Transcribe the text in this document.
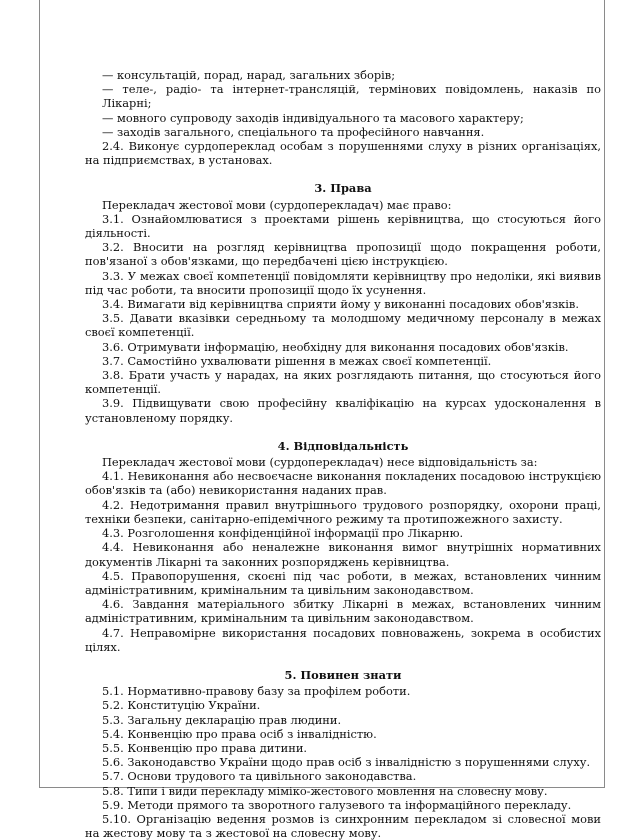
— консультацій, порад, нарад, загальних зборів;

— теле-, радіо- та інтернет-трансляцій, термінових повідомлень, наказів по Лікарні;

— мовного супроводу заходів індивідуального та масового характеру;

— заходів загального, спеціального та професійного навчання.

2.4. Виконує сурдопереклад особам з порушеннями слуху в різних організаціях, на підприємствах, в установах.

3. Права

Перекладач жестової мови (сурдоперекладач) має право:

3.1. Ознайомлюватися з проектами рішень керівництва, що стосуються його діяльності.

3.2. Вносити на розгляд керівництва пропозиції щодо покращення роботи, пов'язаної з обов'язками, що передбачені цією інструкцією.

3.3. У межах своєї компетенції повідомляти керівництву про недоліки, які виявив під час роботи, та вносити пропозиції щодо їх усунення.

3.4. Вимагати від керівництва сприяти йому у виконанні посадових обов'язків.

3.5. Давати вказівки середньому та молодшому медичному персоналу в межах своєї компетенції.

3.6. Отримувати інформацію, необхідну для виконання посадових обов'язків.

3.7. Самостійно ухвалювати рішення в межах своєї компетенції.

3.8. Брати участь у нарадах, на яких розглядають питання, що стосуються його компетенції.

3.9. Підвищувати свою професійну кваліфікацію на курсах удосконалення в установленому порядку.

4. Відповідальність

Перекладач жестової мови (сурдоперекладач) несе відповідальність за:

4.1. Невиконання або несвоєчасне виконання покладених посадовою інструкцією обов'язків та (або) невикористання наданих прав.

4.2. Недотримання правил внутрішнього трудового розпорядку, охорони праці, техніки безпеки, санітарно-епідемічного режиму та протипожежного захисту.

4.3. Розголошення конфіденційної інформації про Лікарню.

4.4. Невиконання або неналежне виконання вимог внутрішніх нормативних документів Лікарні та законних розпоряджень керівництва.

4.5. Правопорушення, скоєні під час роботи, в межах, встановлених чинним адміністративним, кримінальним та цивільним законодавством.

4.6. Завдання матеріального збитку Лікарні в межах, встановлених чинним адміністративним, кримінальним та цивільним законодавством.

4.7. Неправомірне використання посадових повноважень, зокрема в особистих цілях.

5. Повинен знати

5.1. Нормативно-правову базу за профілем роботи.

5.2. Конституцію України.

5.3. Загальну декларацію прав людини.

5.4. Конвенцію про права осіб з інвалідністю.

5.5. Конвенцію про права дитини.

5.6. Законодавство України щодо прав осіб з інвалідністю з порушеннями слуху.

5.7. Основи трудового та цивільного законодавства.

5.8. Типи і види перекладу міміко-жестового мовлення на словесну мову.

5.9. Методи прямого та зворотного галузевого та інформаційного перекладу.

5.10. Організацію ведення розмов із синхронним перекладом зі словесної мови на жестову мову та з жестової на словесну мову.
